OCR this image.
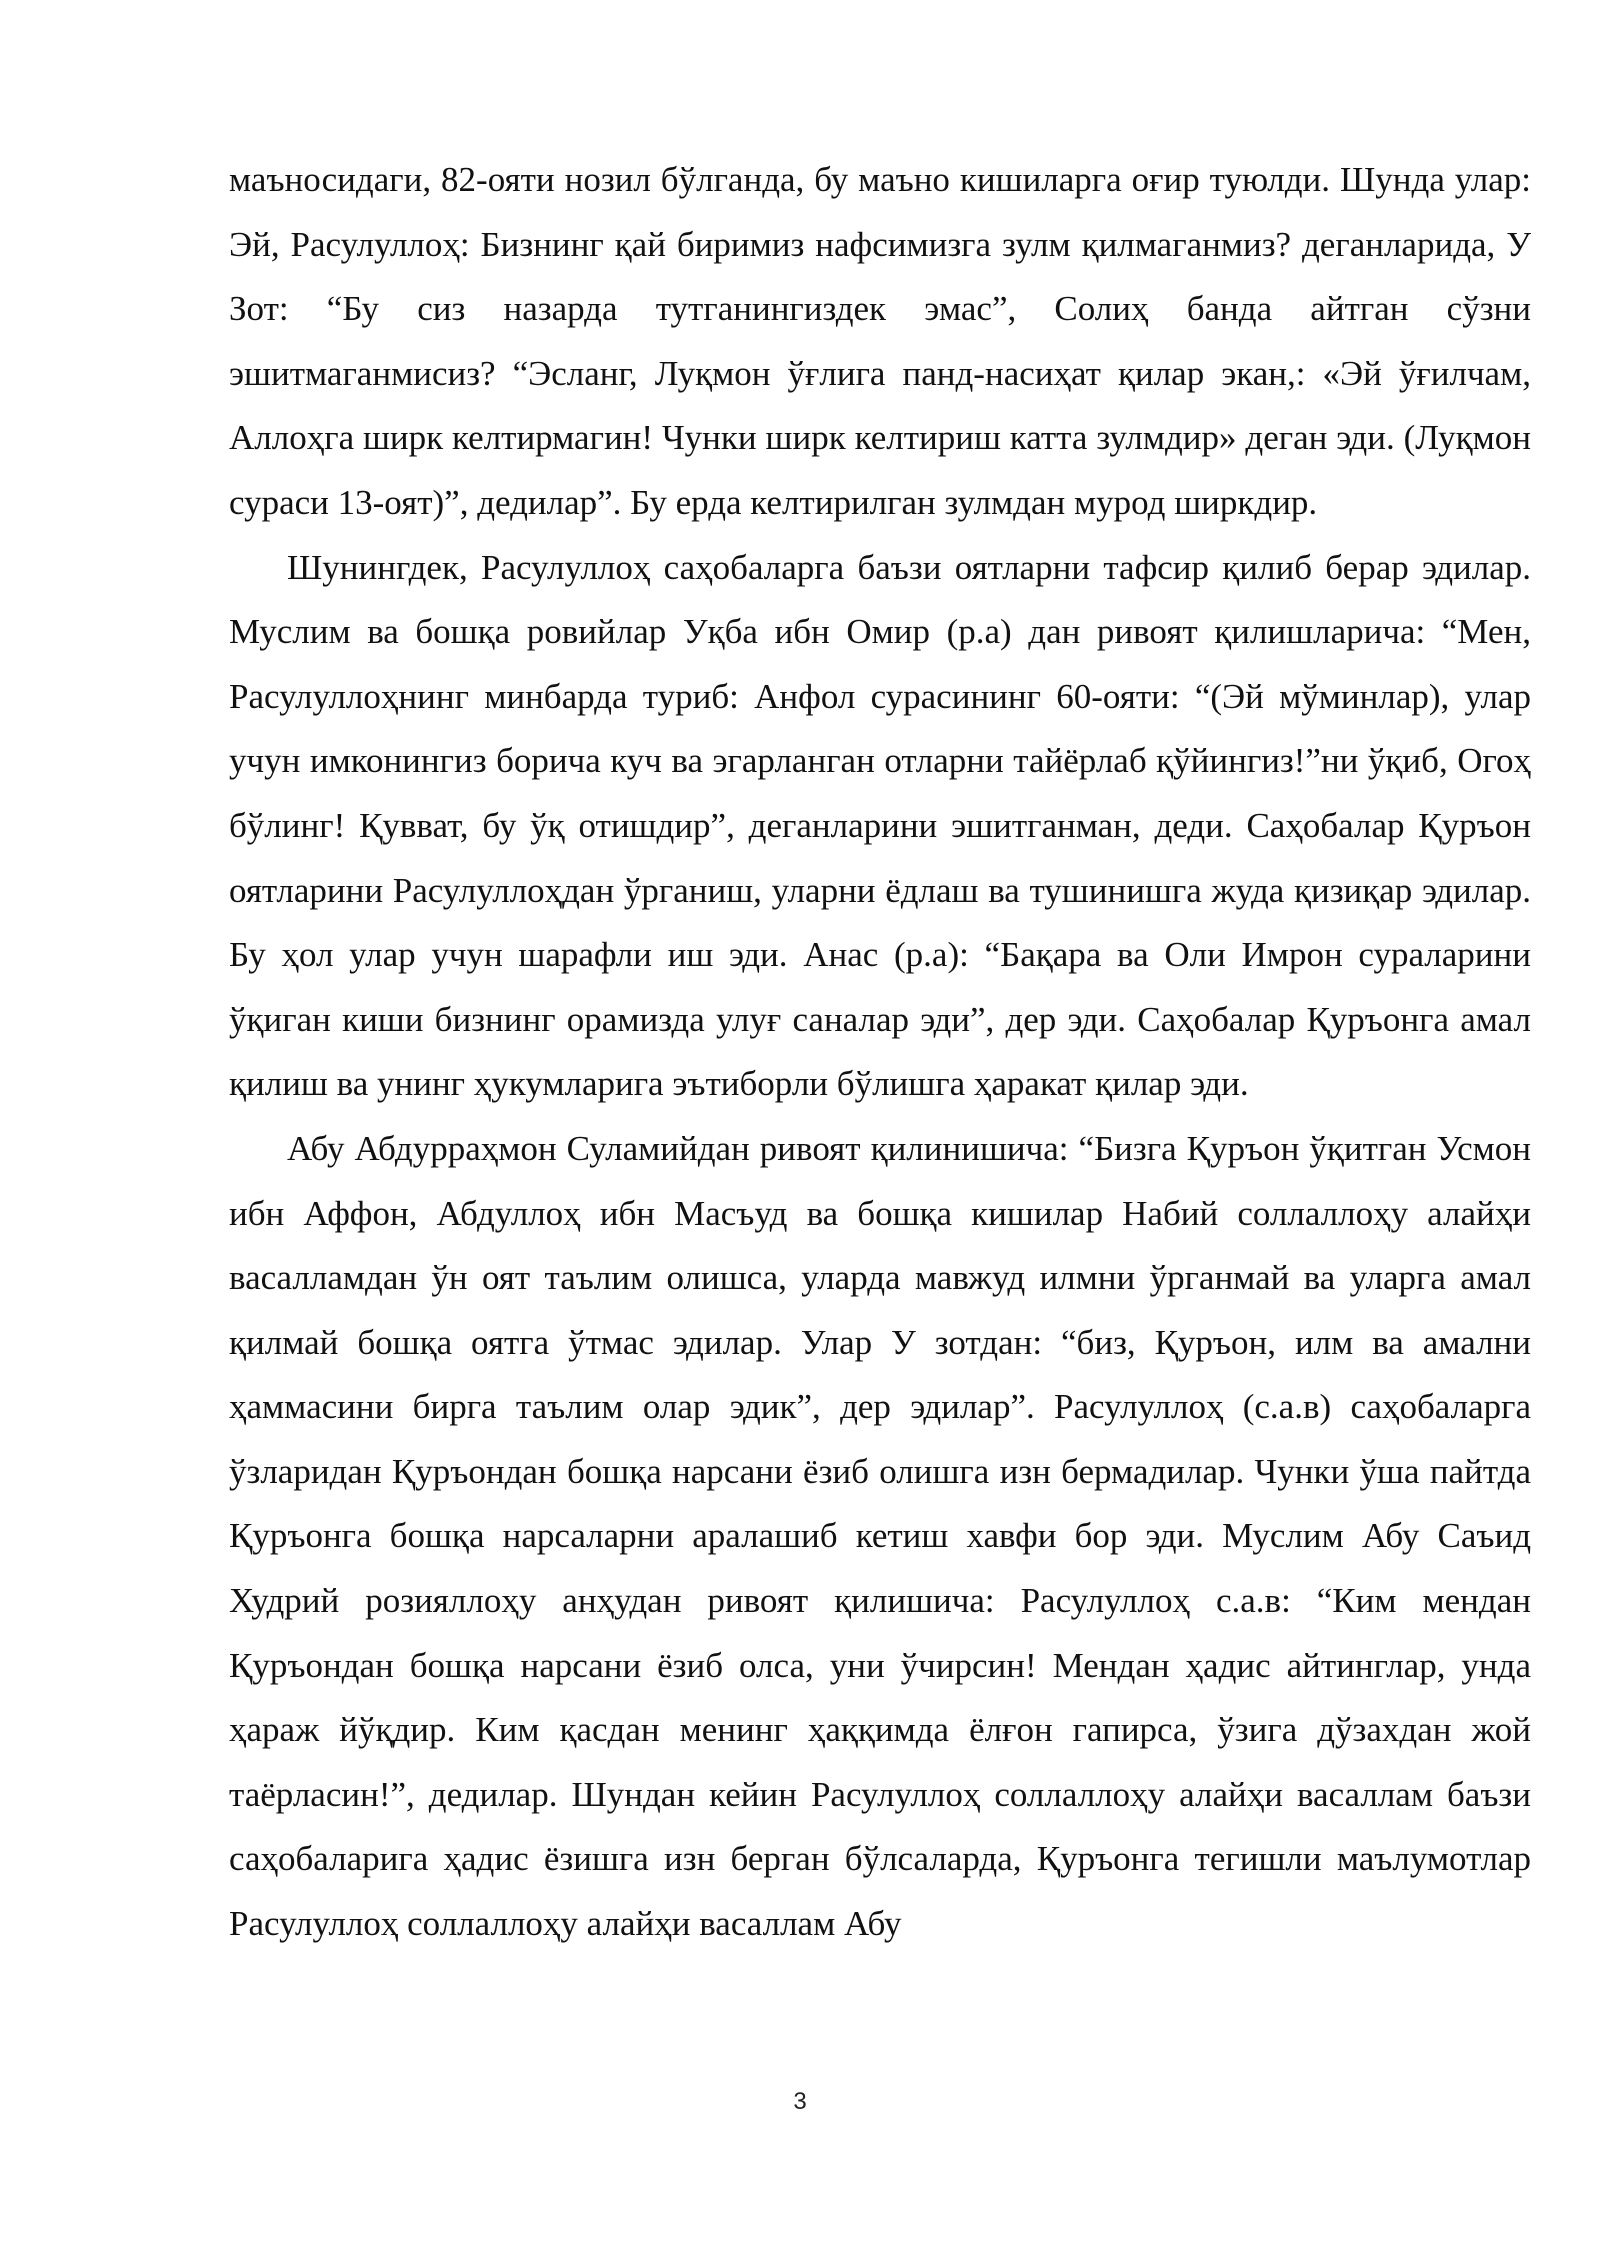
маъносидаги, 82-ояти нозил бўлганда, бу маъно кишиларга оғир туюлди. Шунда улар: Эй, Расулуллоҳ: Бизнинг қай биримиз нафсимизга зулм қилмаганмиз? деганларида, У Зот: “Бу сиз назарда тутганингиздек эмас”, Солиҳ банда айтган сўзни эшитмаганмисиз? “Эсланг, Луқмон ўғлига панд-насиҳат қилар экан,: «Эй ўғилчам, Аллоҳга ширк келтирмагин! Чунки ширк келтириш катта зулмдир» деган эди. (Луқмон сураси 13-оят)”, дедилар”. Бу ерда келтирилган зулмдан мурод ширкдир.

Шунингдек, Расулуллоҳ саҳобаларга баъзи оятларни тафсир қилиб берар эдилар. Муслим ва бошқа ровийлар Уқба ибн Омир (р.а) дан ривоят қилишларича: “Мен, Расулуллоҳнинг минбарда туриб: Анфол сурасининг 60-ояти: “(Эй мўминлар), улар учун имконингиз борича куч ва эгарланган отларни тайёрлаб қўйингиз!”ни ўқиб, Огоҳ бўлинг! Қувват, бу ўқ отишдир”, деганларини эшитганман, деди. Саҳобалар Қуръон оятларини Расулуллоҳдан ўрганиш, уларни ёдлаш ва тушинишга жуда қизиқар эдилар. Бу ҳол улар учун шарафли иш эди. Анас (р.а): “Бақара ва Оли Имрон сураларини ўқиган киши бизнинг орамизда улуғ саналар эди”, дер эди. Саҳобалар Қуръонга амал қилиш ва унинг ҳукумларига эътиборли бўлишга ҳаракат қилар эди.

Абу Абдурраҳмон Суламийдан ривоят қилинишича: “Бизга Қуръон ўқитган Усмон ибн Аффон, Абдуллоҳ ибн Масъуд ва бошқа кишилар Набий соллаллоҳу алайҳи васалламдан ўн оят таълим олишса, уларда мавжуд илмни ўрганмай ва уларга амал қилмай бошқа оятга ўтмас эдилар. Улар У зотдан: “биз, Қуръон, илм ва амални ҳаммасини бирга таълим олар эдик”, дер эдилар”. Расулуллоҳ (с.а.в) саҳобаларга ўзларидан Қуръондан бошқа нарсани ёзиб олишга изн бермадилар. Чунки ўша пайтда Қуръонга бошқа нарсаларни аралашиб кетиш хавфи бор эди. Муслим Абу Саъид Худрий розияллоҳу анҳудан ривоят қилишича: Расулуллоҳ с.а.в: “Ким мендан Қуръондан бошқа нарсани ёзиб олса, уни ўчирсин! Мендан ҳадис айтинглар, унда ҳараж йўқдир. Ким қасдан менинг ҳаққимда ёлғон гапирса, ўзига дўзахдан жой таёрласин!”, дедилар. Шундан кейин Расулуллоҳ соллаллоҳу алайҳи васаллам баъзи саҳобаларига ҳадис ёзишга изн берган бўлсаларда, Қуръонга тегишли маълумотлар Расулуллоҳ соллаллоҳу алайҳи васаллам Абу

3
